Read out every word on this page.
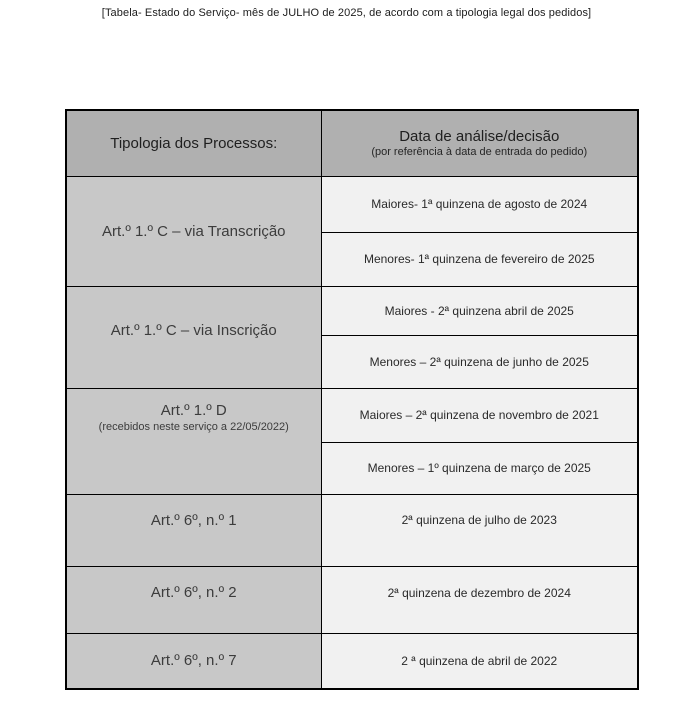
[Tabela- Estado do Serviço- mês de JULHO de 2025, de acordo com a tipologia legal dos pedidos]
Tipologia dos Processos:	Data de análise/decisão
(por referência à data de entrada do pedido)

Art.º 1.º C – via Transcrição	Maiores- 1ª quinzena de agosto de 2024
	Menores- 1ª quinzena de fevereiro de 2025

Art.º 1.º C – via Inscrição	Maiores - 2ª quinzena abril de 2025
	Menores – 2ª quinzena de junho de 2025

Art.º 1.º D
(recebidos neste serviço a 22/05/2022)	Maiores – 2ª quinzena de novembro de 2021
	Menores – 1º quinzena de março de 2025
Art.º 6º, n.º 1	2ª quinzena de julho de 2023
Art.º 6º, n.º 2	2ª quinzena de dezembro de 2024
Art.º 6º, n.º 7	2 ª quinzena de abril de 2022
